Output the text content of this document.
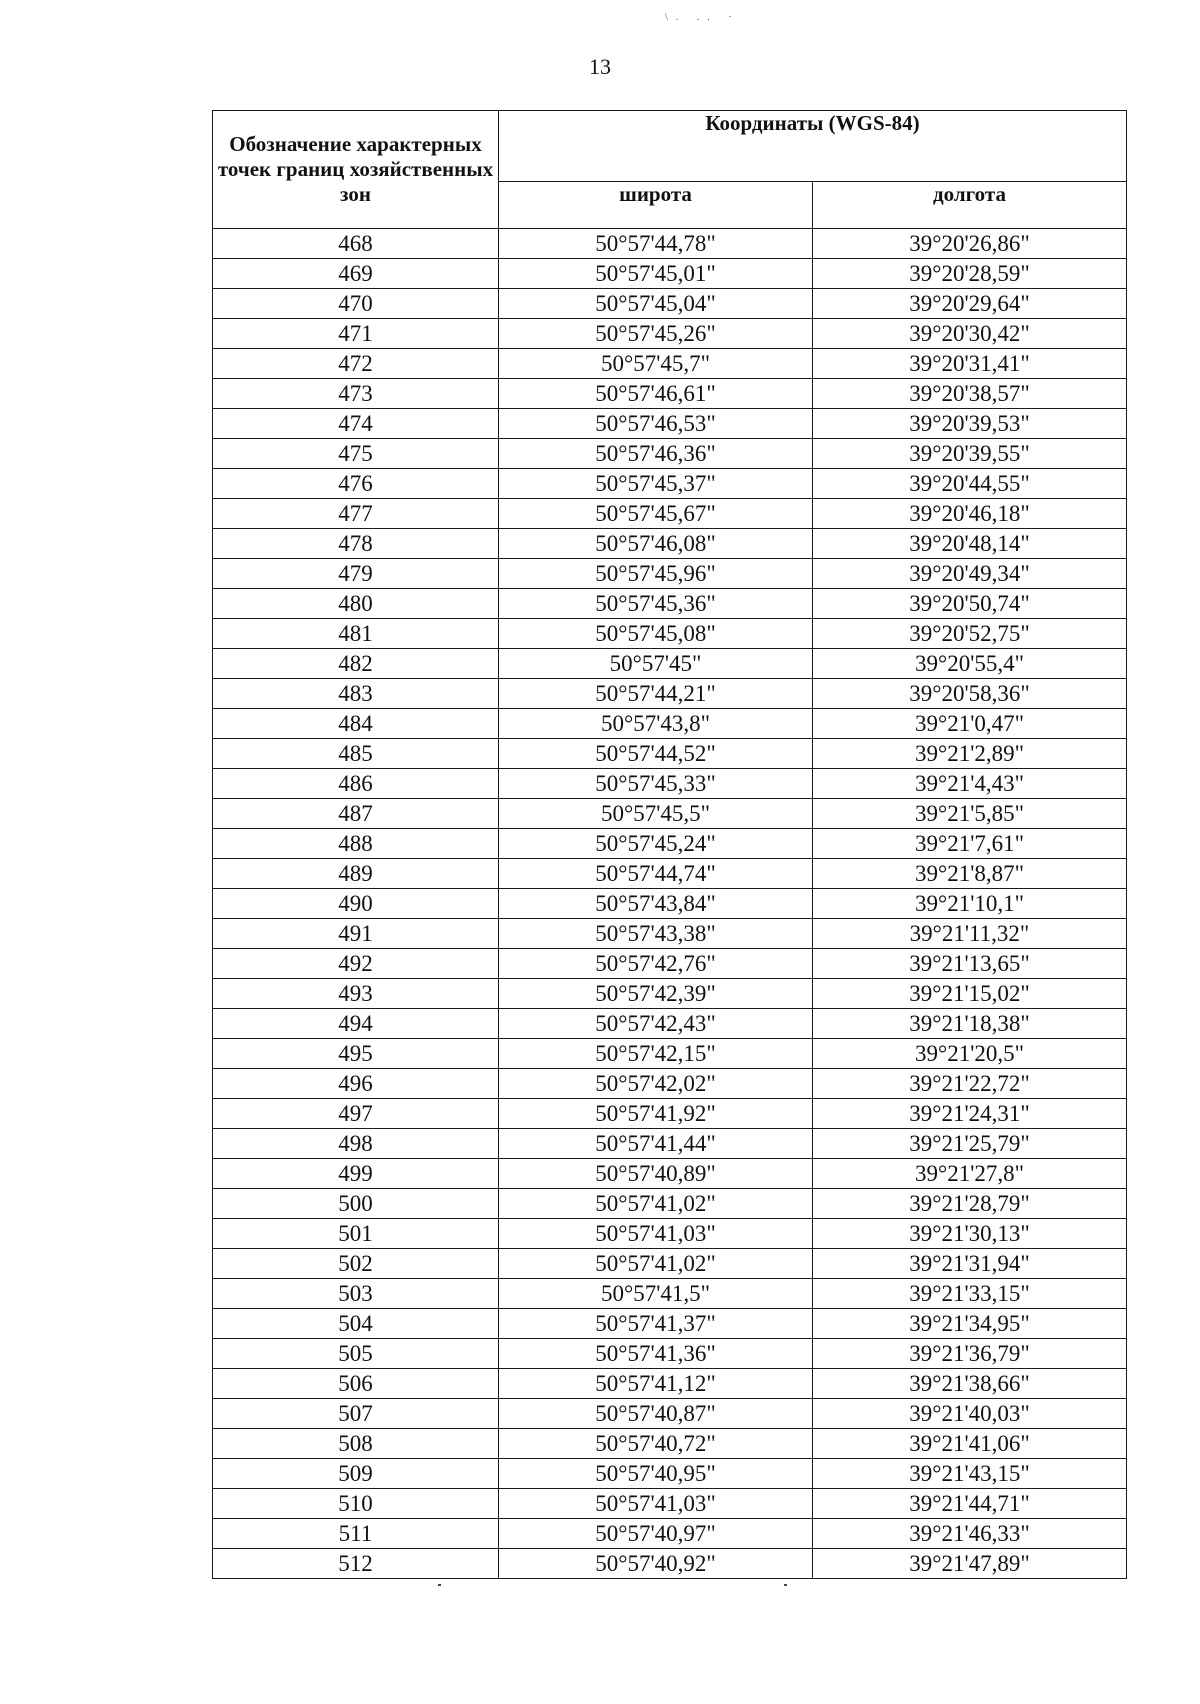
\. .. ·
13
Обозначение характерных точек границ хозяйственных зон	Координаты (WGS-84)	
	широта	долгота
468	50°57'44,78"	39°20'26,86"
469	50°57'45,01"	39°20'28,59"
470	50°57'45,04"	39°20'29,64"
471	50°57'45,26"	39°20'30,42"
472	50°57'45,7"	39°20'31,41"
473	50°57'46,61"	39°20'38,57"
474	50°57'46,53"	39°20'39,53"
475	50°57'46,36"	39°20'39,55"
476	50°57'45,37"	39°20'44,55"
477	50°57'45,67"	39°20'46,18"
478	50°57'46,08"	39°20'48,14"
479	50°57'45,96"	39°20'49,34"
480	50°57'45,36"	39°20'50,74"
481	50°57'45,08"	39°20'52,75"
482	50°57'45"	39°20'55,4"
483	50°57'44,21"	39°20'58,36"
484	50°57'43,8"	39°21'0,47"
485	50°57'44,52"	39°21'2,89"
486	50°57'45,33"	39°21'4,43"
487	50°57'45,5"	39°21'5,85"
488	50°57'45,24"	39°21'7,61"
489	50°57'44,74"	39°21'8,87"
490	50°57'43,84"	39°21'10,1"
491	50°57'43,38"	39°21'11,32"
492	50°57'42,76"	39°21'13,65"
493	50°57'42,39"	39°21'15,02"
494	50°57'42,43"	39°21'18,38"
495	50°57'42,15"	39°21'20,5"
496	50°57'42,02"	39°21'22,72"
497	50°57'41,92"	39°21'24,31"
498	50°57'41,44"	39°21'25,79"
499	50°57'40,89"	39°21'27,8"
500	50°57'41,02"	39°21'28,79"
501	50°57'41,03"	39°21'30,13"
502	50°57'41,02"	39°21'31,94"
503	50°57'41,5"	39°21'33,15"
504	50°57'41,37"	39°21'34,95"
505	50°57'41,36"	39°21'36,79"
506	50°57'41,12"	39°21'38,66"
507	50°57'40,87"	39°21'40,03"
508	50°57'40,72"	39°21'41,06"
509	50°57'40,95"	39°21'43,15"
510	50°57'41,03"	39°21'44,71"
511	50°57'40,97"	39°21'46,33"
512	50°57'40,92"	39°21'47,89"
